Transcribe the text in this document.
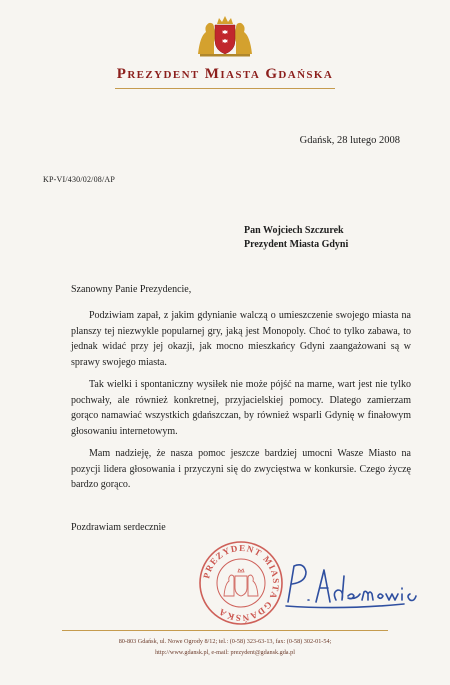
Prezydent Miasta Gdańska
Gdańsk, 28 lutego 2008
KP-VI/430/02/08/AP
Pan Wojciech Szczurek
Prezydent Miasta Gdyni
Szanowny Panie Prezydencie,

Podziwiam zapał, z jakim gdynianie walczą o umieszczenie swojego miasta na planszy tej niezwykle popularnej gry, jaką jest Monopoly. Choć to tylko zabawa, to jednak widać przy jej okazji, jak mocno mieszkańcy Gdyni zaangażowani są w sprawy swojego miasta.

Tak wielki i spontaniczny wysiłek nie może pójść na marne, wart jest nie tylko pochwały, ale również konkretnej, przyjacielskiej pomocy. Dlatego zamierzam gorąco namawiać wszystkich gdańszczan, by również wsparli Gdynię w finałowym głosowaniu internetowym.

Mam nadzieję, że nasza pomoc jeszcze bardziej umocni Wasze Miasto na pozycji lidera głosowania i przyczyni się do zwycięstwa w konkursie. Czego życzę bardzo gorąco.

Pozdrawiam serdecznie
PREZYDENT MIASTA GDAŃSKA
80-803 Gdańsk, ul. Nowe Ogrody 8/12; tel.: (0-58) 323-63-13, fax: (0-58) 302-01-54;
http://www.gdansk.pl, e-mail: prezydent@gdansk.gda.pl
